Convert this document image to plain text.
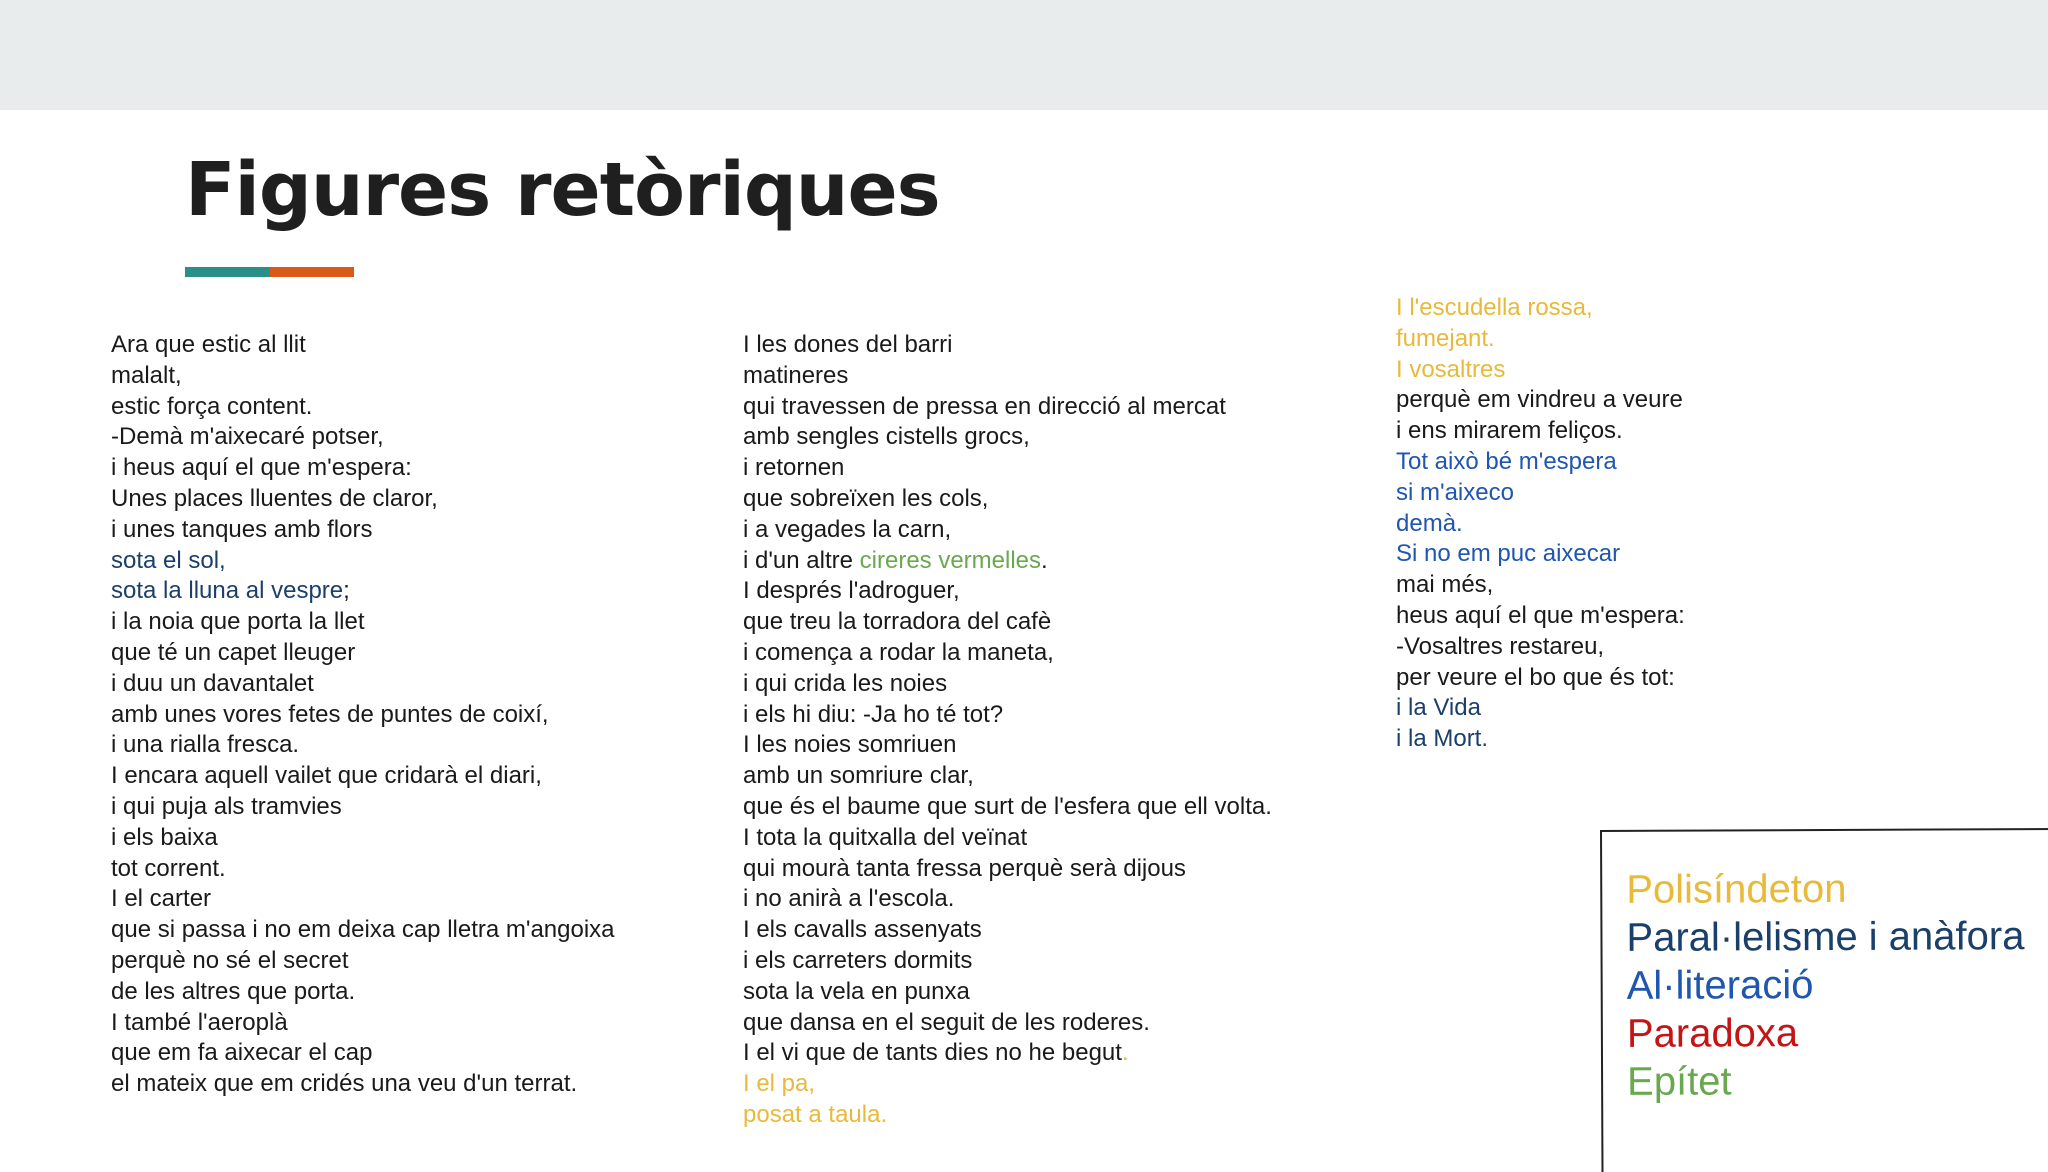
Figures retòriques
Ara que estic al llit
malalt,
estic força content.
-Demà m'aixecaré potser,
i heus aquí el que m'espera:
Unes places lluentes de claror,
i unes tanques amb flors
sota el sol,
sota la lluna al vespre;
i la noia que porta la llet
que té un capet lleuger
i duu un davantalet
amb unes vores fetes de puntes de coixí,
i una rialla fresca.
I encara aquell vailet que cridarà el diari,
i qui puja als tramvies
i els baixa
tot corrent.
I el carter
que si passa i no em deixa cap lletra m'angoixa
perquè no sé el secret
de les altres que porta.
I també l'aeroplà
que em fa aixecar el cap
el mateix que em cridés una veu d'un terrat.
I les dones del barri
matineres
qui travessen de pressa en direcció al mercat
amb sengles cistells grocs,
i retornen
que sobreïxen les cols,
i a vegades la carn,
i d'un altre cireres vermelles.
I després l'adroguer,
que treu la torradora del cafè
i comença a rodar la maneta,
i qui crida les noies
i els hi diu: -Ja ho té tot?
I les noies somriuen
amb un somriure clar,
que és el baume que surt de l'esfera que ell volta.
I tota la quitxalla del veïnat
qui mourà tanta fressa perquè serà dijous
i no anirà a l'escola.
I els cavalls assenyats
i els carreters dormits
sota la vela en punxa
que dansa en el seguit de les roderes.
I el vi que de tants dies no he begut.
I el pa,
posat a taula.
I l'escudella rossa,
fumejant.
I vosaltres
perquè em vindreu a veure
i ens mirarem feliços.
Tot això bé m'espera
si m'aixeco
demà.
Si no em puc aixecar
mai més,
heus aquí el que m'espera:
-Vosaltres restareu,
per veure el bo que és tot:
i la Vida
i la Mort.
Polisíndeton
Paral·lelisme i anàfora
Al·literació
Paradoxa
Epítet
